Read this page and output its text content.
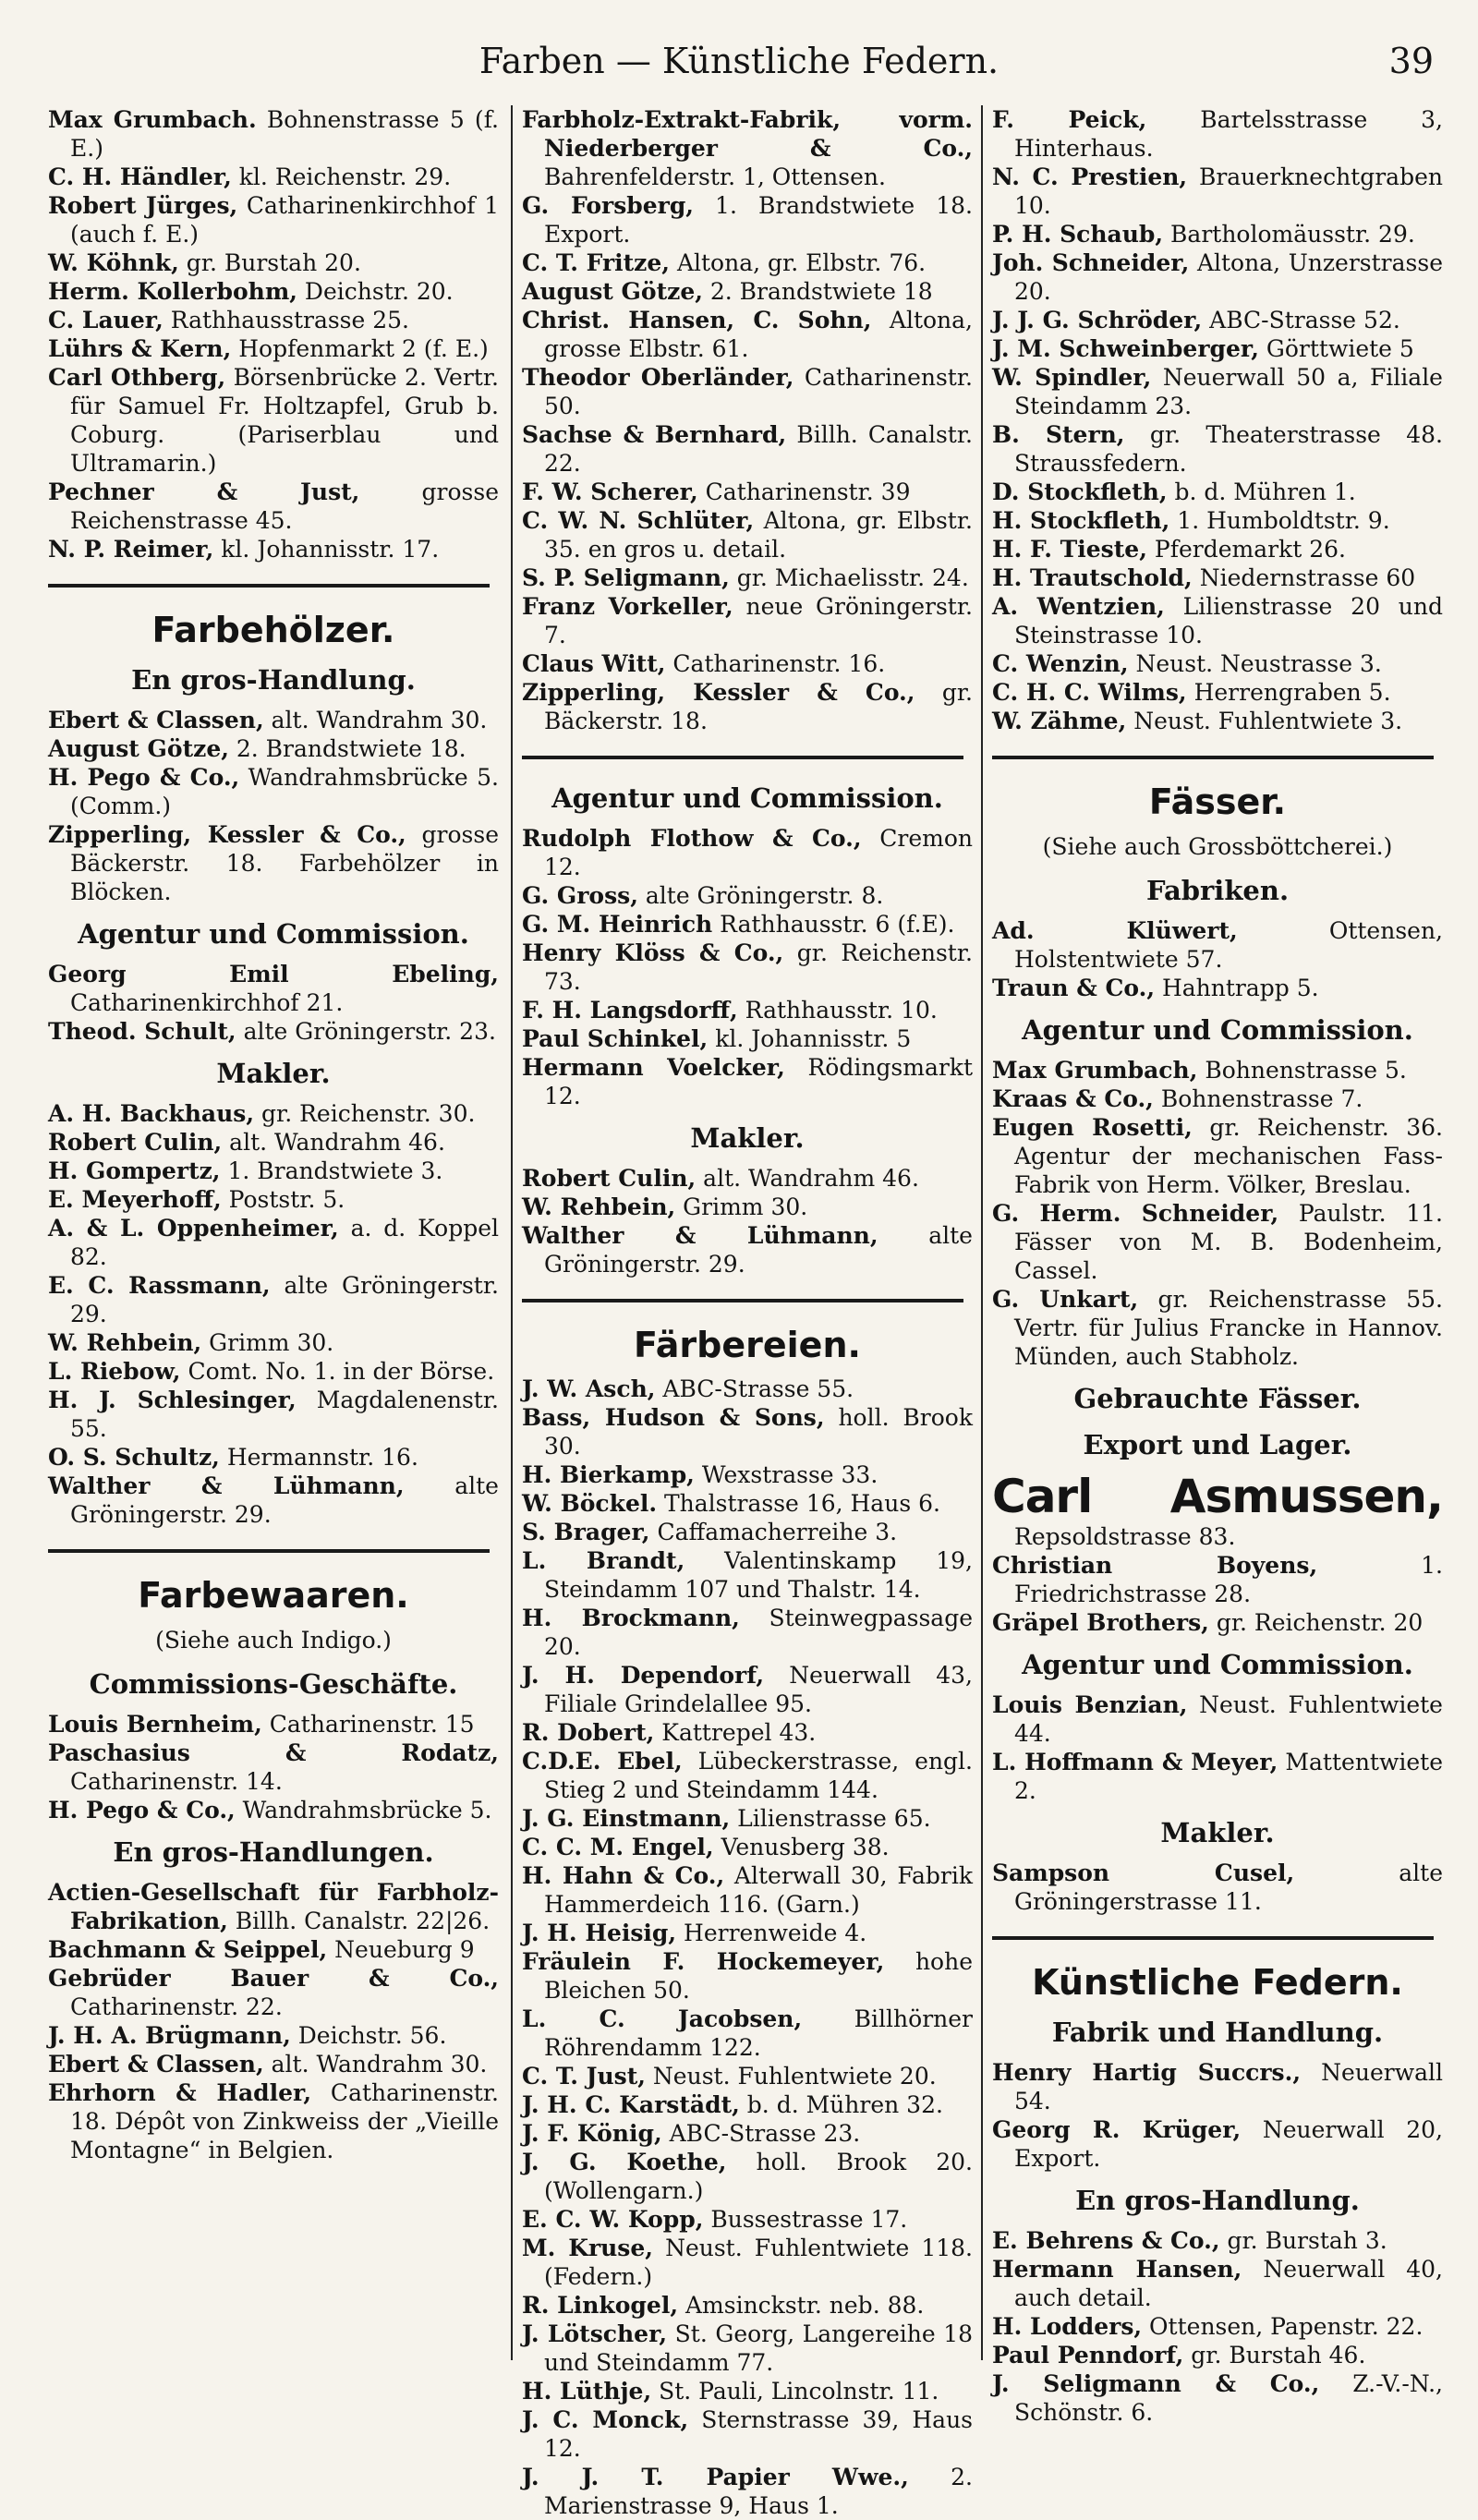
Farben — Künstliche Federn.	39

Max Grumbach. Bohnenstrasse 5 (f. E.)

C. H. Händler, kl. Reichenstr. 29.

Robert Jürges, Catharinenkirchhof 1 (auch f. E.)

W. Köhnk, gr. Burstah 20.

Herm. Kollerbohm, Deichstr. 20.

C. Lauer, Rathhausstrasse 25.

Lührs & Kern, Hopfenmarkt 2 (f. E.)

Carl Othberg, Börsenbrücke 2. Vertr. für Samuel Fr. Holtzapfel, Grub b. Coburg. (Pariserblau und Ultramarin.)

Pechner & Just, grosse Reichenstrasse 45.

N. P. Reimer, kl. Johannisstr. 17.

Farbehölzer.
En gros-Handlung.

Ebert & Classen, alt. Wandrahm 30.

August Götze, 2. Brandstwiete 18.

H. Pego & Co., Wandrahmsbrücke 5. (Comm.)

Zipperling, Kessler & Co., grosse Bäckerstr. 18. Farbehölzer in Blöcken.

Agentur und Commission.

Georg Emil Ebeling, Catharinenkirchhof 21.

Theod. Schult, alte Gröningerstr. 23.

Makler.

A. H. Backhaus, gr. Reichenstr. 30.

Robert Culin, alt. Wandrahm 46.

H. Gompertz, 1. Brandstwiete 3.

E. Meyerhoff, Poststr. 5.

A. & L. Oppenheimer, a. d. Koppel 82.

E. C. Rassmann, alte Gröningerstr. 29.

W. Rehbein, Grimm 30.

L. Riebow, Comt. No. 1. in der Börse.

H. J. Schlesinger, Magdalenenstr. 55.

O. S. Schultz, Hermannstr. 16.

Walther & Lühmann, alte Gröningerstr. 29.

Farbewaaren.
(Siehe auch Indigo.)
Commissions-Geschäfte.

Louis Bernheim, Catharinenstr. 15

Paschasius & Rodatz, Catharinenstr. 14.

H. Pego & Co., Wandrahmsbrücke 5.

En gros-Handlungen.

Actien-Gesellschaft für Farbholz-Fabrikation, Billh. Canalstr. 22|26.

Bachmann & Seippel, Neueburg 9

Gebrüder Bauer & Co., Catharinenstr. 22.

J. H. A. Brügmann, Deichstr. 56.

Ebert & Classen, alt. Wandrahm 30.

Ehrhorn & Hadler, Catharinenstr. 18. Dépôt von Zinkweiss der „Vieille Montagne“ in Belgien.

Farbholz-Extrakt-Fabrik, vorm. Niederberger & Co., Bahrenfelderstr. 1, Ottensen.

G. Forsberg, 1. Brandstwiete 18. Export.

C. T. Fritze, Altona, gr. Elbstr. 76.

August Götze, 2. Brandstwiete 18

Christ. Hansen, C. Sohn, Altona, grosse Elbstr. 61.

Theodor Oberländer, Catharinenstr. 50.

Sachse & Bernhard, Billh. Canalstr. 22.

F. W. Scherer, Catharinenstr. 39

C. W. N. Schlüter, Altona, gr. Elbstr. 35. en gros u. detail.

S. P. Seligmann, gr. Michaelisstr. 24.

Franz Vorkeller, neue Gröningerstr. 7.

Claus Witt, Catharinenstr. 16.

Zipperling, Kessler & Co., gr. Bäckerstr. 18.

Agentur und Commission.

Rudolph Flothow & Co., Cremon 12.

G. Gross, alte Gröningerstr. 8.

G. M. Heinrich Rathhausstr. 6 (f.E).

Henry Klöss & Co., gr. Reichenstr. 73.

F. H. Langsdorff, Rathhausstr. 10.

Paul Schinkel, kl. Johannisstr. 5

Hermann Voelcker, Rödingsmarkt 12.

Makler.

Robert Culin, alt. Wandrahm 46.

W. Rehbein, Grimm 30.

Walther & Lühmann, alte Gröningerstr. 29.

Färbereien.

J. W. Asch, ABC-Strasse 55.

Bass, Hudson & Sons, holl. Brook 30.

H. Bierkamp, Wexstrasse 33.

W. Böckel. Thalstrasse 16, Haus 6.

S. Brager, Caffamacherreihe 3.

L. Brandt, Valentinskamp 19, Steindamm 107 und Thalstr. 14.

H. Brockmann, Steinwegpassage 20.

J. H. Dependorf, Neuerwall 43, Filiale Grindelallee 95.

R. Dobert, Kattrepel 43.

C.D.E. Ebel, Lübeckerstrasse, engl. Stieg 2 und Steindamm 144.

J. G. Einstmann, Lilienstrasse 65.

C. C. M. Engel, Venusberg 38.

H. Hahn & Co., Alterwall 30, Fabrik Hammerdeich 116. (Garn.)

J. H. Heisig, Herrenweide 4.

Fräulein F. Hockemeyer, hohe Bleichen 50.

L. C. Jacobsen, Billhörner Röhrendamm 122.

C. T. Just, Neust. Fuhlentwiete 20.

J. H. C. Karstädt, b. d. Mühren 32.

J. F. König, ABC-Strasse 23.

J. G. Koethe, holl. Brook 20. (Wollengarn.)

E. C. W. Kopp, Bussestrasse 17.

M. Kruse, Neust. Fuhlentwiete 118. (Federn.)

R. Linkogel, Amsinckstr. neb. 88.

J. Lötscher, St. Georg, Langereihe 18 und Steindamm 77.

H. Lüthje, St. Pauli, Lincolnstr. 11.

J. C. Monck, Sternstrasse 39, Haus 12.

J. J. T. Papier Wwe., 2. Marienstrasse 9, Haus 1.

F. Peick, Bartelsstrasse 3, Hinterhaus.

N. C. Prestien, Brauerknechtgraben 10.

P. H. Schaub, Bartholomäusstr. 29.

Joh. Schneider, Altona, Unzerstrasse 20.

J. J. G. Schröder, ABC-Strasse 52.

J. M. Schweinberger, Görttwiete 5

W. Spindler, Neuerwall 50 a, Filiale Steindamm 23.

B. Stern, gr. Theaterstrasse 48. Straussfedern.

D. Stockfleth, b. d. Mühren 1.

H. Stockfleth, 1. Humboldtstr. 9.

H. F. Tieste, Pferdemarkt 26.

H. Trautschold, Niedernstrasse 60

A. Wentzien, Lilienstrasse 20 und Steinstrasse 10.

C. Wenzin, Neust. Neustrasse 3.

C. H. C. Wilms, Herrengraben 5.

W. Zähme, Neust. Fuhlentwiete 3.

Fässer.
(Siehe auch Grossböttcherei.)
Fabriken.

Ad. Klüwert, Ottensen, Holstentwiete 57.

Traun & Co., Hahntrapp 5.

Agentur und Commission.

Max Grumbach, Bohnenstrasse 5.

Kraas & Co., Bohnenstrasse 7.

Eugen Rosetti, gr. Reichenstr. 36. Agentur der mechanischen Fass-Fabrik von Herm. Völker, Breslau.

G. Herm. Schneider, Paulstr. 11. Fässer von M. B. Bodenheim, Cassel.

G. Unkart, gr. Reichenstrasse 55. Vertr. für Julius Francke in Hannov. Münden, auch Stabholz.

Gebrauchte Fässer.
Export und Lager.

Carl Asmussen, Repsoldstrasse 83.

Christian Boyens, 1. Friedrichstrasse 28.

Gräpel Brothers, gr. Reichenstr. 20

Agentur und Commission.

Louis Benzian, Neust. Fuhlentwiete 44.

L. Hoffmann & Meyer, Mattentwiete 2.

Makler.

Sampson Cusel, alte Gröningerstrasse 11.

Künstliche Federn.
Fabrik und Handlung.

Henry Hartig Succrs., Neuerwall 54.

Georg R. Krüger, Neuerwall 20, Export.

En gros-Handlung.

E. Behrens & Co., gr. Burstah 3.

Hermann Hansen, Neuerwall 40, auch detail.

H. Lodders, Ottensen, Papenstr. 22.

Paul Penndorf, gr. Burstah 46.

J. Seligmann & Co., Z.-V.-N., Schönstr. 6.
